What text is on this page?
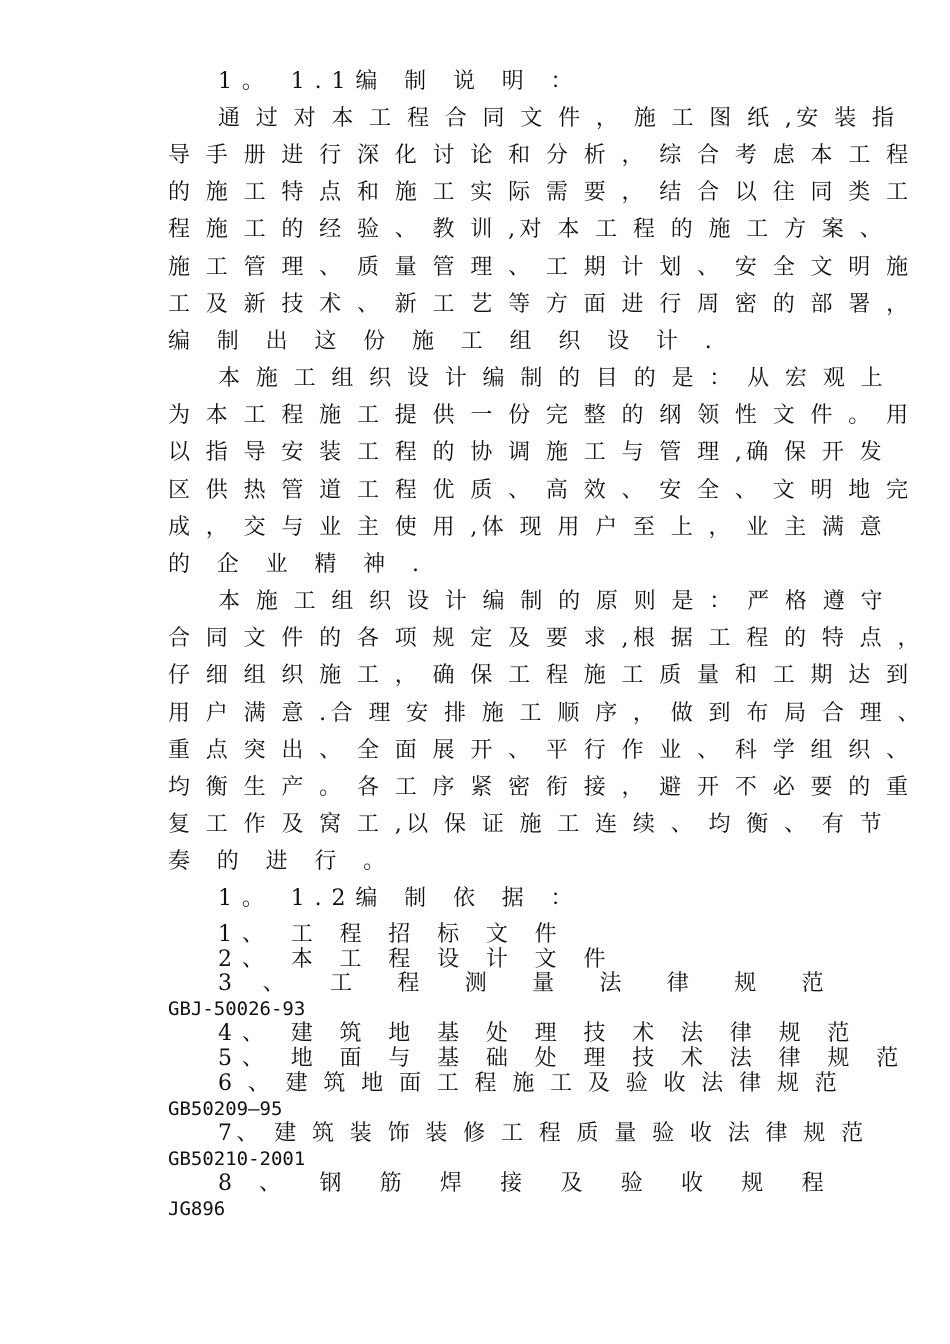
1。 1.1编 制 说 明 ：

通 过 对 本 工 程 合 同 文 件 ， 施 工 图 纸 ,安 装 指

导 手 册 进 行 深 化 讨 论 和 分 析 ， 综 合 考 虑 本 工 程

的 施 工 特 点 和 施 工 实 际 需 要 ， 结 合 以 往 同 类 工

程 施 工 的 经 验 、 教 训 ,对 本 工 程 的 施 工 方 案 、

施 工 管 理 、 质 量 管 理 、 工 期 计 划 、 安 全 文 明 施

工 及 新 技 术 、 新 工 艺 等 方 面 进 行 周 密 的 部 署 ，

编 制 出 这 份 施 工 组 织 设 计 .

本 施 工 组 织 设 计 编 制 的 目 的 是 ： 从 宏 观 上

为 本 工 程 施 工 提 供 一 份 完 整 的 纲 领 性 文 件 。 用

以 指 导 安 装 工 程 的 协 调 施 工 与 管 理 ,确 保 开 发

区 供 热 管 道 工 程 优 质 、 高 效 、 安 全 、 文 明 地 完

成 ， 交 与 业 主 使 用 ,体 现 用 户 至 上 ， 业 主 满 意

的 企 业 精 神 .

本 施 工 组 织 设 计 编 制 的 原 则 是 ： 严 格 遵 守

合 同 文 件 的 各 项 规 定 及 要 求 ,根 据 工 程 的 特 点 ，

仔 细 组 织 施 工 ， 确 保 工 程 施 工 质 量 和 工 期 达 到

用 户 满 意 .合 理 安 排 施 工 顺 序 ， 做 到 布 局 合 理 、

重 点 突 出 、 全 面 展 开 、 平 行 作 业 、 科 学 组 织 、

均 衡 生 产 。 各 工 序 紧 密 衔 接 ， 避 开 不 必 要 的 重

复 工 作 及 窝 工 ,以 保 证 施 工 连 续 、 均 衡 、 有 节

奏 的 进 行 。

1。 1.2编 制 依 据 ：

1、 工 程 招 标 文 件

2、 本 工 程 设 计 文 件

3 、 工 程 测 量 法 律 规 范

GBJ-50026-93

4、 建 筑 地 基 处 理 技 术 法 律 规 范

5、 地 面 与 基 础 处 理 技 术 法 律 规 范

6 、 建 筑 地 面 工 程 施 工 及 验 收 法 律 规 范

GB50209—95

7、 建 筑 装 饰 装 修 工 程 质 量 验 收 法 律 规 范

GB50210-2001

8 、 钢 筋 焊 接 及 验 收 规 程

JG896
